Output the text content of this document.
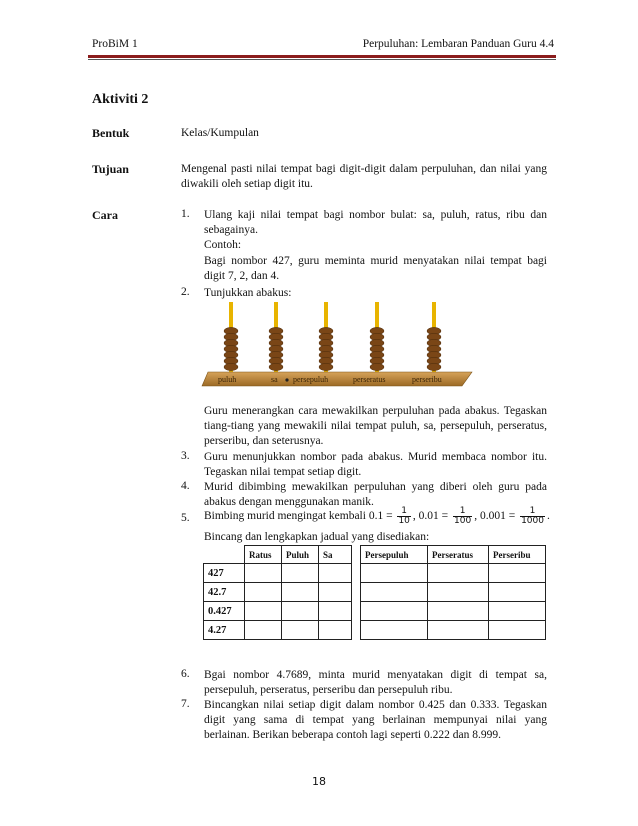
ProBiM 1	Perpuluhan: Lembaran Panduan Guru 4.4
Aktiviti 2
Bentuk	Kelas/Kumpulan
Tujuan	Mengenal pasti nilai tempat bagi digit-digit dalam perpuluhan, dan nilai yang diwakili oleh setiap digit itu.
Cara	1. Ulang kaji nilai tempat bagi nombor bulat: sa, puluh, ratus, ribu dan sebagainya.
Contoh:
Bagi nombor 427, guru meminta murid menyatakan nilai tempat bagi digit 7, 2, dan 4.
2. Tunjukkan abakus:
puluh	sa persepuluh	perseratus	perseribu
Guru menerangkan cara mewakilkan perpuluhan pada abakus. Tegaskan tiang-tiang yang mewakili nilai tempat puluh, sa, persepuluh, perseratus, perseribu, dan seterusnya.
3. Guru menunjukkan nombor pada abakus. Murid membaca nombor itu. Tegaskan nilai tempat setiap digit.
4. Murid dibimbing mewakilkan perpuluhan yang diberi oleh guru pada abakus dengan menggunakan manik.
5. Bimbing murid mengingat kembali $0.1 = \frac{1}{10}$ , $0.01 = \frac{1}{100}$ , $0.001 = \frac{1}{1000}$ .
Bincang dan lengkapkan jadual yang disediakan:
	Ratus	Puluh	Sa		Persepuluh	Perseratus	Perseribu
427							
42.7							
0.427							
4.27							
6. Bgai nombor 4.7689, minta murid menyatakan digit di tempat sa, persepuluh, perseratus, perseribu dan persepuluh ribu.
7. Bincangkan nilai setiap digit dalam nombor 0.425 dan 0.333. Tegaskan digit yang sama di tempat yang berlainan mempunyai nilai yang berlainan. Berikan beberapa contoh lagi seperti 0.222 dan 8.999.
18
